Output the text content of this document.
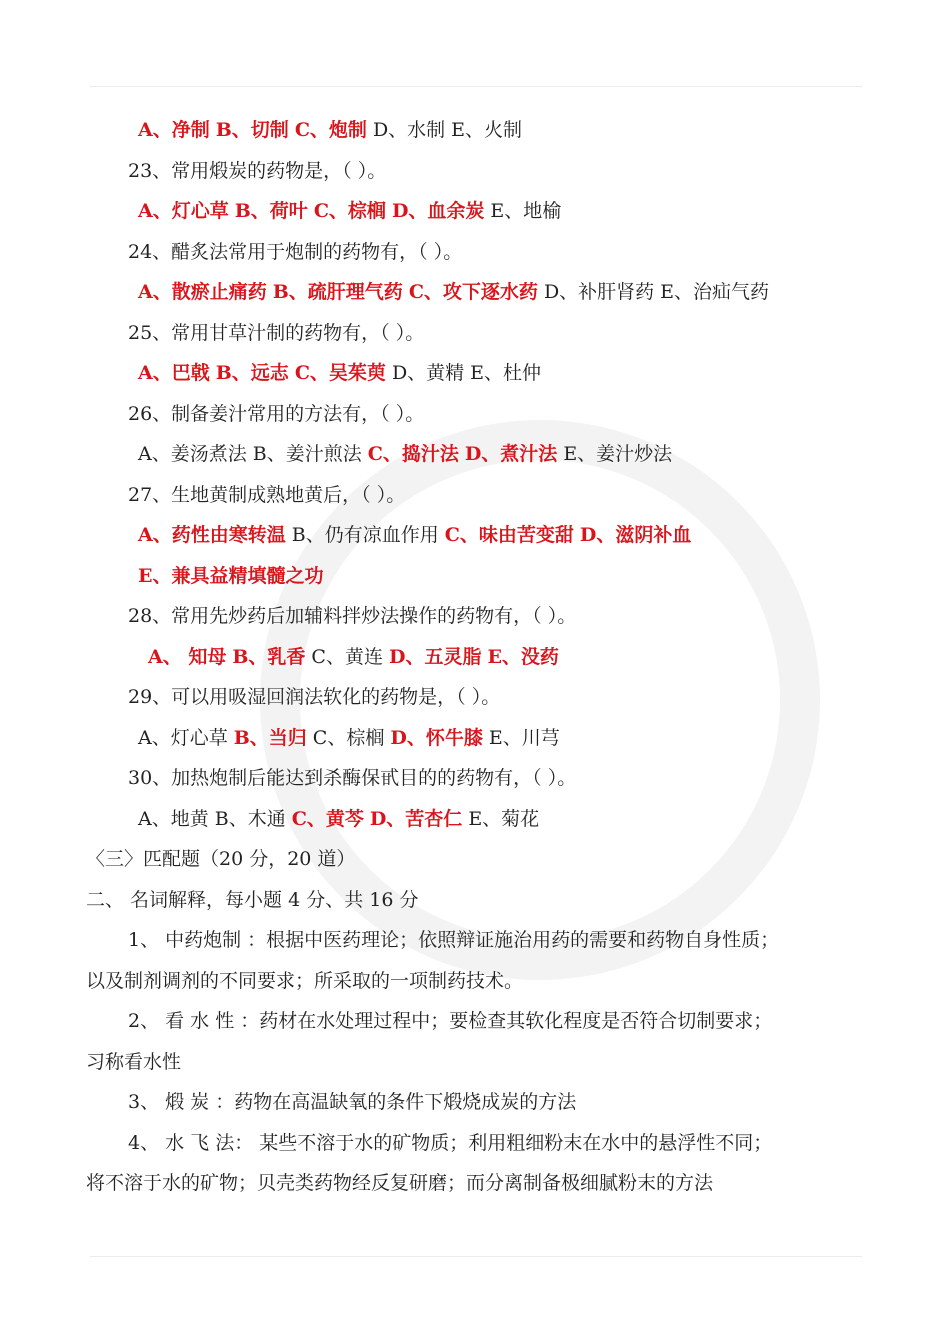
A、净制 B、切制 C、炮制 D、水制 E、火制
23、常用煅炭的药物是，（ ）。
A、灯心草 B、荷叶 C、棕榈 D、血余炭 E、地榆
24、醋炙法常用于炮制的药物有，（ ）。
A、散瘀止痛药 B、疏肝理气药 C、攻下逐水药 D、补肝肾药 E、治疝气药
25、常用甘草汁制的药物有，（ ）。
A、巴戟 B、远志 C、吴茱萸 D、黄精 E、杜仲
26、制备姜汁常用的方法有，（ ）。
A、姜汤煮法 B、姜汁煎法 C、捣汁法 D、煮汁法 E、姜汁炒法
27、生地黄制成熟地黄后，（ ）。
A、药性由寒转温 B、仍有凉血作用 C、味由苦变甜 D、滋阴补血
E、兼具益精填髓之功
28、常用先炒药后加辅料拌炒法操作的药物有，（ ）。
A、 知母 B、乳香 C、黄连 D、五灵脂 E、没药
29、可以用吸湿回润法软化的药物是，（ ）。
A、灯心草 B、当归 C、棕榈 D、怀牛膝 E、川芎
30、加热炮制后能达到杀酶保甙目的的药物有，（ ）。
A、地黄 B、木通 C、黄芩 D、苦杏仁 E、菊花
〈三〉匹配题（20 分，20 道）
二、 名词解释，每小题 4 分、共 16 分
1、 中药炮制 ：根据中医药理论；依照辩证施治用药的需要和药物自身性质；
以及制剂调剂的不同要求；所采取的一项制药技术。
2、 看 水 性 ：药材在水处理过程中；要检查其软化程度是否符合切制要求；
习称看水性
3、 煅 炭 ：药物在高温缺氧的条件下煅烧成炭的方法
4、 水 飞 法： 某些不溶于水的矿物质；利用粗细粉末在水中的悬浮性不同；
将不溶于水的矿物；贝壳类药物经反复研磨；而分离制备极细腻粉末的方法
